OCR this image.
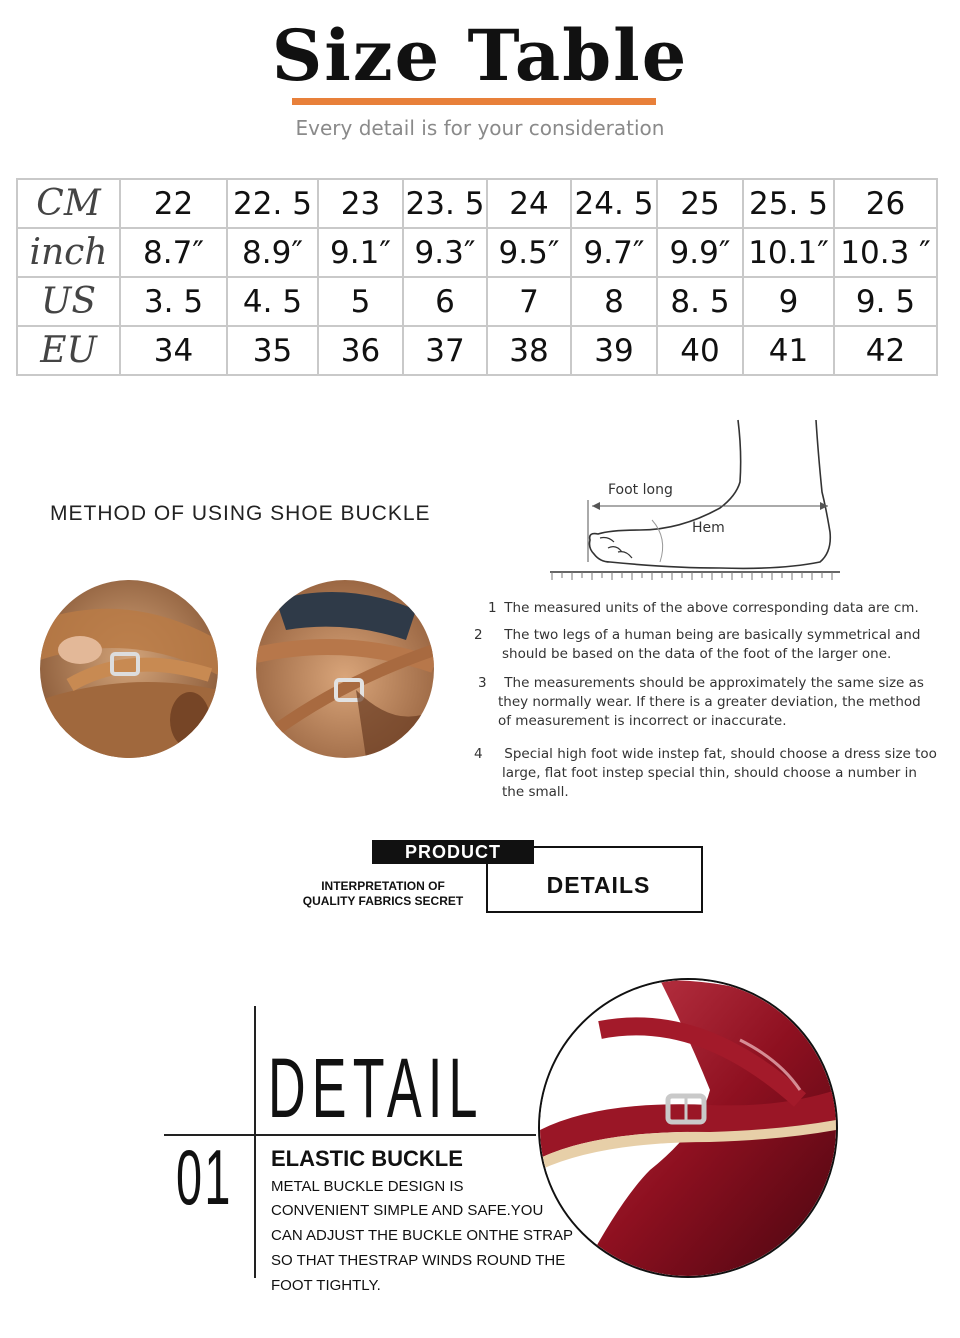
Size Table
Every detail is for your consideration
CM	22	22. 5	23	23. 5	24	24. 5	25	25. 5	26
inch	8.7″	8.9″	9.1″	9.3″	9.5″	9.7″	9.9″	10.1″	10.3 ″
US	3. 5	4. 5	5	6	7	8	8. 5	9	9. 5
EU	34	35	36	37	38	39	40	41	42
METHOD OF USING SHOE BUCKLE
Foot long
Hem
1 The measured units of the above corresponding data are cm.
2 The two legs of a human being are basically symmetrical and should be based on the data of the foot of the larger one.
3 The measurements should be approximately the same size as they normally wear. If there is a greater deviation, the method of measurement is incorrect or inaccurate.
4 Special high foot wide instep fat, should choose a dress size too large, flat foot instep special thin, should choose a number in the small.
PRODUCT
DETAILS
INTERPRETATION OF
QUALITY FABRICS SECRET
DETAIL
01 ELASTIC BUCKLE
METAL BUCKLE DESIGN IS
CONVENIENT SIMPLE AND SAFE.YOU
CAN ADJUST THE BUCKLE ONTHE STRAP
SO THAT THESTRAP WINDS ROUND THE
FOOT TIGHTLY.
